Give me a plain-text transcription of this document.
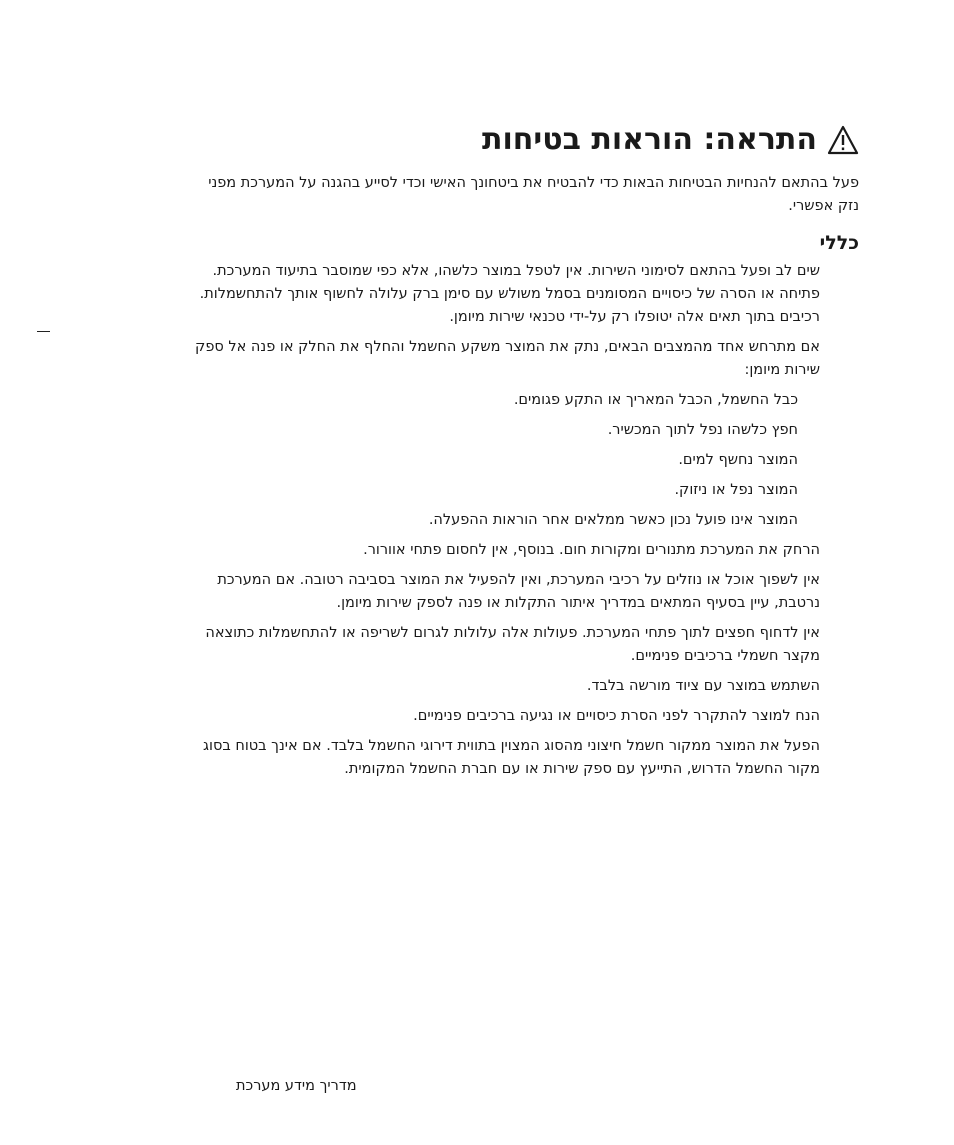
התראה: הוראות בטיחות

פעל בהתאם להנחיות הבטיחות הבאות כדי להבטיח את ביטחונך האישי וכדי לסייע בהגנה על המערכת מפני נזק אפשרי.

כללי

שים לב ופעל בהתאם לסימוני השירות. אין לטפל במוצר כלשהו, אלא כפי שמוסבר בתיעוד המערכת. פתיחה או הסרה של כיסויים המסומנים בסמל משולש עם סימן ברק עלולה לחשוף אותך להתחשמלות. רכיבים בתוך תאים אלה יטופלו רק על-ידי טכנאי שירות מיומן.

אם מתרחש אחד מהמצבים הבאים, נתק את המוצר משקע החשמל והחלף את החלק או פנה אל ספק שירות מיומן:

כבל החשמל, הכבל המאריך או התקע פגומים.
חפץ כלשהו נפל לתוך המכשיר.
המוצר נחשף למים.
המוצר נפל או ניזוק.
המוצר אינו פועל נכון כאשר ממלאים אחר הוראות ההפעלה.

הרחק את המערכת מתנורים ומקורות חום. בנוסף, אין לחסום פתחי אוורור.

אין לשפוך אוכל או נוזלים על רכיבי המערכת, ואין להפעיל את המוצר בסביבה רטובה. אם המערכת נרטבת, עיין בסעיף המתאים במדריך איתור התקלות או פנה לספק שירות מיומן.

אין לדחוף חפצים לתוך פתחי המערכת. פעולות אלה עלולות לגרום לשריפה או להתחשמלות כתוצאה מקצר חשמלי ברכיבים פנימיים.

השתמש במוצר עם ציוד מורשה בלבד.

הנח למוצר להתקרר לפני הסרת כיסויים או נגיעה ברכיבים פנימיים.

הפעל את המוצר ממקור חשמל חיצוני מהסוג המצוין בתווית דירוגי החשמל בלבד. אם אינך בטוח בסוג מקור החשמל הדרוש, התייעץ עם ספק שירות או עם חברת החשמל המקומית.

מדריך מידע מערכת
